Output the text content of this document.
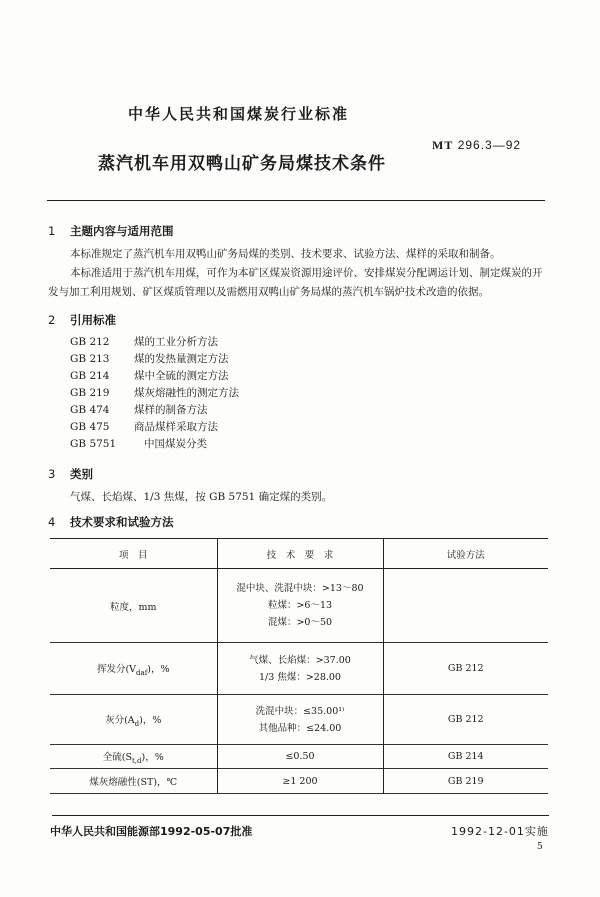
中华人民共和国煤炭行业标准
MT 296.3—92
蒸汽机车用双鸭山矿务局煤技术条件
1 主题内容与适用范围
本标准规定了蒸汽机车用双鸭山矿务局煤的类别、技术要求、试验方法、煤样的采取和制备。
本标准适用于蒸汽机车用煤，可作为本矿区煤炭资源用途评价、安排煤炭分配调运计划、制定煤炭的开发与加工利用规划、矿区煤质管理以及需燃用双鸭山矿务局煤的蒸汽机车锅炉技术改造的依据。
2 引用标准
GB 212 煤的工业分析方法
GB 213 煤的发热量测定方法
GB 214 煤中全硫的测定方法
GB 219 煤灰熔融性的测定方法
GB 474 煤样的制备方法
GB 475 商品煤样采取方法
GB 5751	中国煤炭分类
3 类别
气煤、长焰煤、1/3 焦煤，按 GB 5751 确定煤的类别。
4 技术要求和试验方法
项　目	技　术　要　求	试验方法
粒度，mm	混中块、洗混中块：>13～80
粒煤：>6～13
混煤：>0～50	

挥发分$(V_{daf})$，%	气煤、长焰煤：>37.00
1/3 焦煤：>28.00	GB 212
灰分$(A_d)$，%	洗混中块：≤35.00¹⁾
其他品种：≤24.00	GB 212
全硫$(S_{t,d})$，%	≤0.50	GB 214
煤灰熔融性(ST)，℃	≥1 200	GB 219
中华人民共和国能源部1992-05-07批准	1992-12-01实施
5
